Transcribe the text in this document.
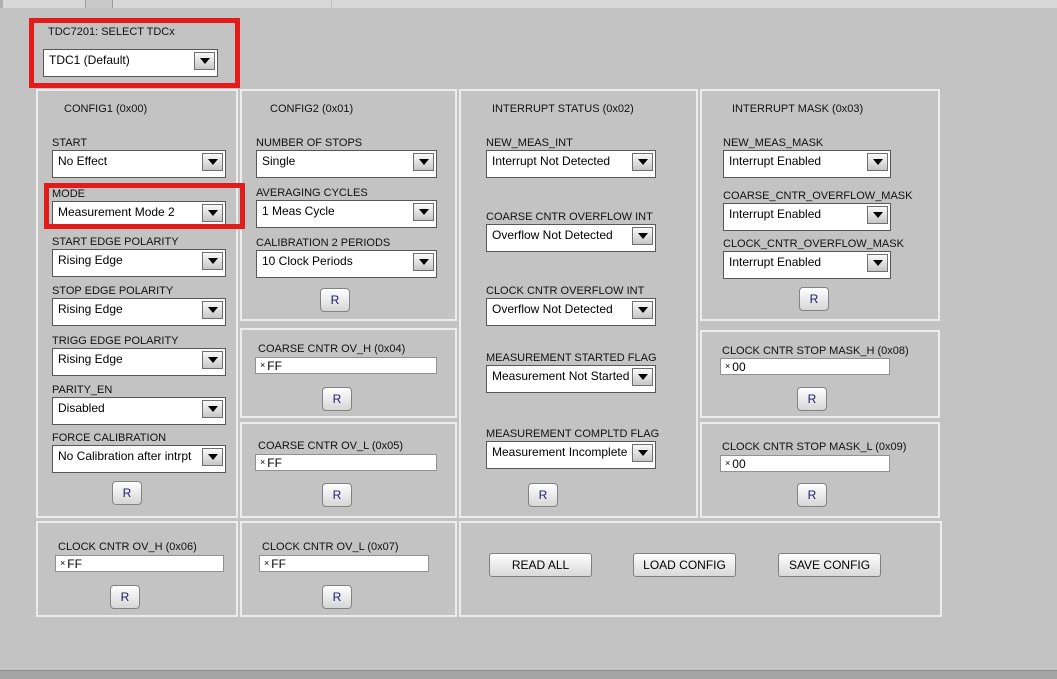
TDC7201: SELECT TDCx
TDC1 (Default)
CONFIG1 (0x00)
START
No Effect
MODE
Measurement Mode 2
START EDGE POLARITY
Rising Edge
STOP EDGE POLARITY
Rising Edge
TRIGG EDGE POLARITY
Rising Edge
PARITY_EN
Disabled
FORCE CALIBRATION
No Calibration after intrpt
R
CONFIG2 (0x01)
NUMBER OF STOPS
Single
AVERAGING CYCLES
1 Meas Cycle
CALIBRATION 2 PERIODS
10 Clock Periods
R
COARSE CNTR OV_H (0x04)
× FF
R
COARSE CNTR OV_L (0x05)
× FF
R
INTERRUPT STATUS (0x02)
NEW_MEAS_INT
Interrupt Not Detected
COARSE CNTR OVERFLOW INT
Overflow Not Detected
CLOCK CNTR OVERFLOW INT
Overflow Not Detected
MEASUREMENT STARTED FLAG
Measurement Not Started
MEASUREMENT COMPLTD FLAG
Measurement Incomplete
R
INTERRUPT MASK (0x03)
NEW_MEAS_MASK
Interrupt Enabled
COARSE_CNTR_OVERFLOW_MASK
Interrupt Enabled
CLOCK_CNTR_OVERFLOW_MASK
Interrupt Enabled
R
CLOCK CNTR STOP MASK_H (0x08)
× 00
R
CLOCK CNTR STOP MASK_L (0x09)
× 00
R
CLOCK CNTR OV_H (0x06)
× FF
R
CLOCK CNTR OV_L (0x07)
× FF
R
READ ALL	LOAD CONFIG	SAVE CONFIG
